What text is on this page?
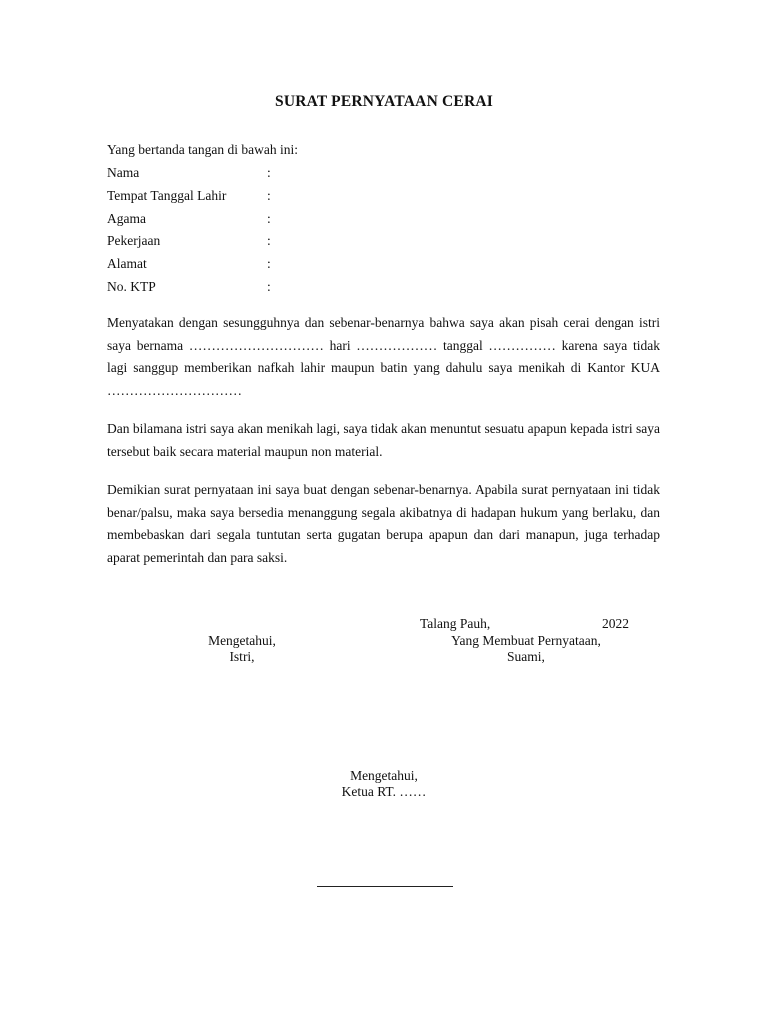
SURAT PERNYATAAN CERAI
Yang bertanda tangan di bawah ini:
Nama	:
Tempat Tanggal Lahir	:
Agama	:
Pekerjaan	:
Alamat	:
No. KTP	:

Menyatakan dengan sesungguhnya dan sebenar-benarnya bahwa saya akan pisah cerai dengan istri saya bernama ………………………… hari ……………… tanggal …………… karena saya tidak lagi sanggup memberikan nafkah lahir maupun batin yang dahulu saya menikah di Kantor KUA …………………………

Dan bilamana istri saya akan menikah lagi, saya tidak akan menuntut sesuatu apapun kepada istri saya tersebut baik secara material maupun non material.

Demikian surat pernyataan ini saya buat dengan sebenar-benarnya. Apabila surat pernyataan ini tidak benar/palsu, maka saya bersedia menanggung segala akibatnya di hadapan hukum yang berlaku, dan membebaskan dari segala tuntutan serta gugatan berupa apapun dan dari manapun, juga terhadap aparat pemerintah dan para saksi.

Talang Pauh,	2022
Mengetahui,
Istri,
Yang Membuat Pernyataan,
Suami,
Mengetahui,
Ketua RT. ……
